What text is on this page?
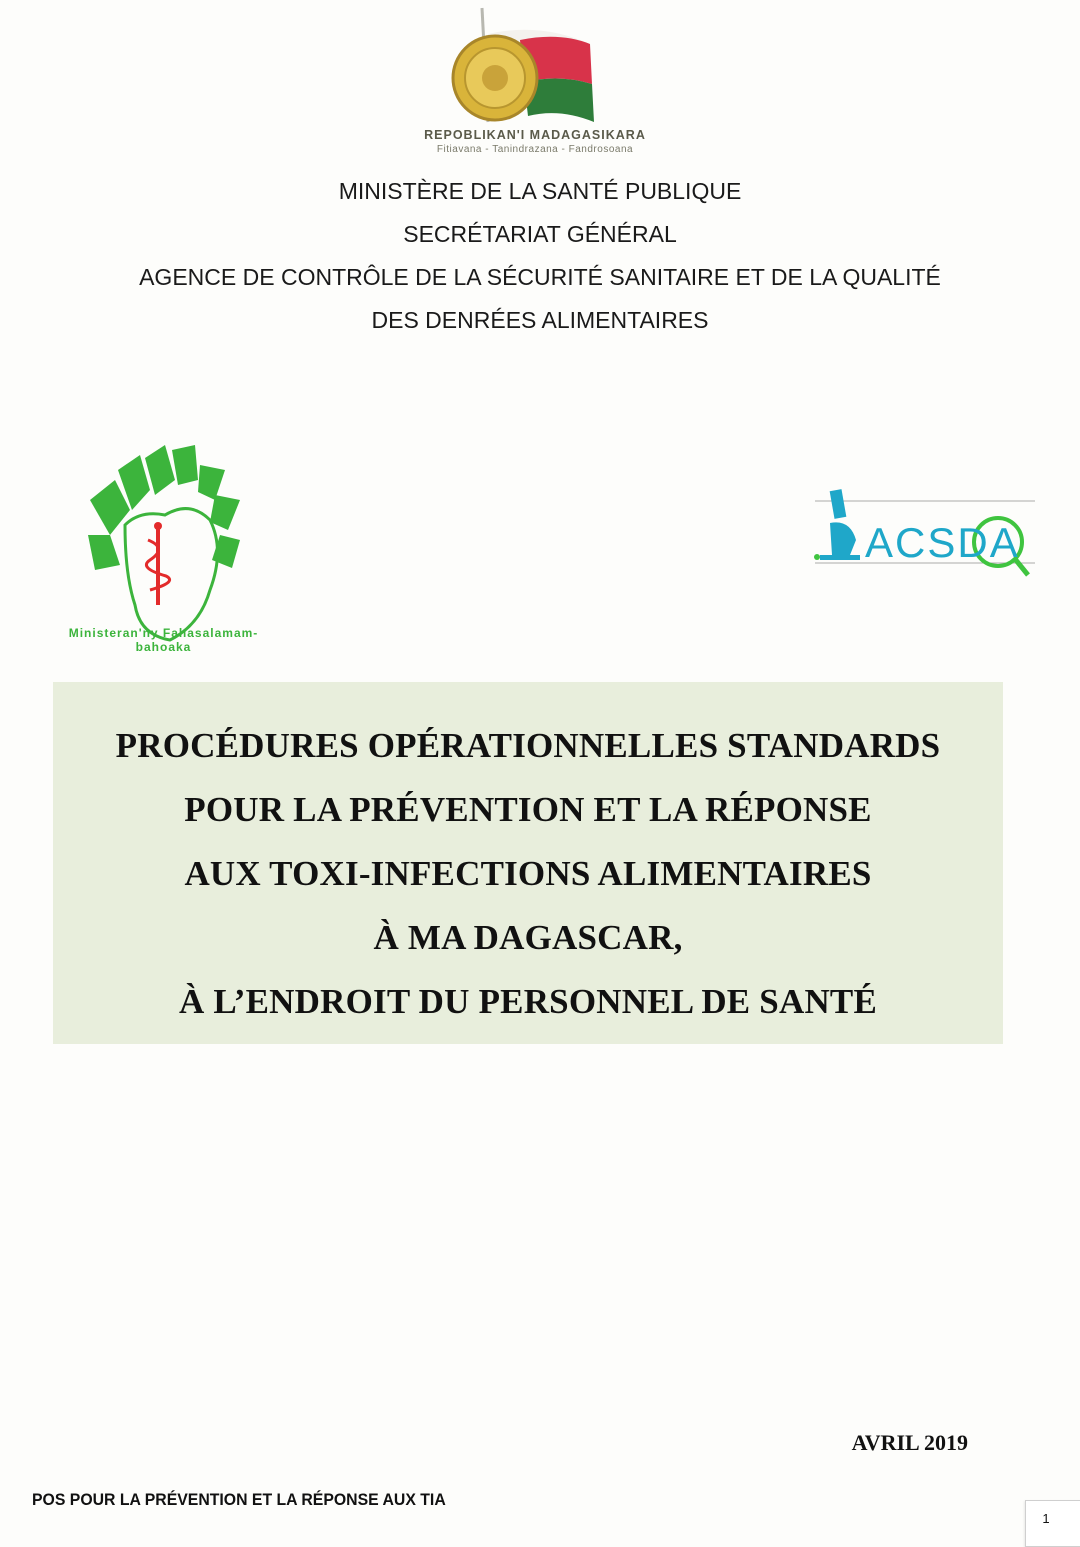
REPOBLIKAN'I MADAGASIKARA
Fitiavana - Tanindrazana - Fandrosoana
MINISTÈRE DE LA SANTÉ PUBLIQUE
SECRÉTARIAT GÉNÉRAL
AGENCE DE CONTRÔLE DE LA SÉCURITÉ SANITAIRE ET DE LA QUALITÉ
DES DENRÉES ALIMENTAIRES
Ministeran'ny Fahasalamam-bahoaka
ACSDA
PROCÉDURES OPÉRATIONNELLES STANDARDS
POUR LA PRÉVENTION ET LA RÉPONSE
AUX TOXI-INFECTIONS ALIMENTAIRES
À MA DAGASCAR,
À L’ENDROIT DU PERSONNEL DE SANTÉ
AVRIL 2019
POS POUR LA PRÉVENTION ET LA RÉPONSE AUX TIA
1
